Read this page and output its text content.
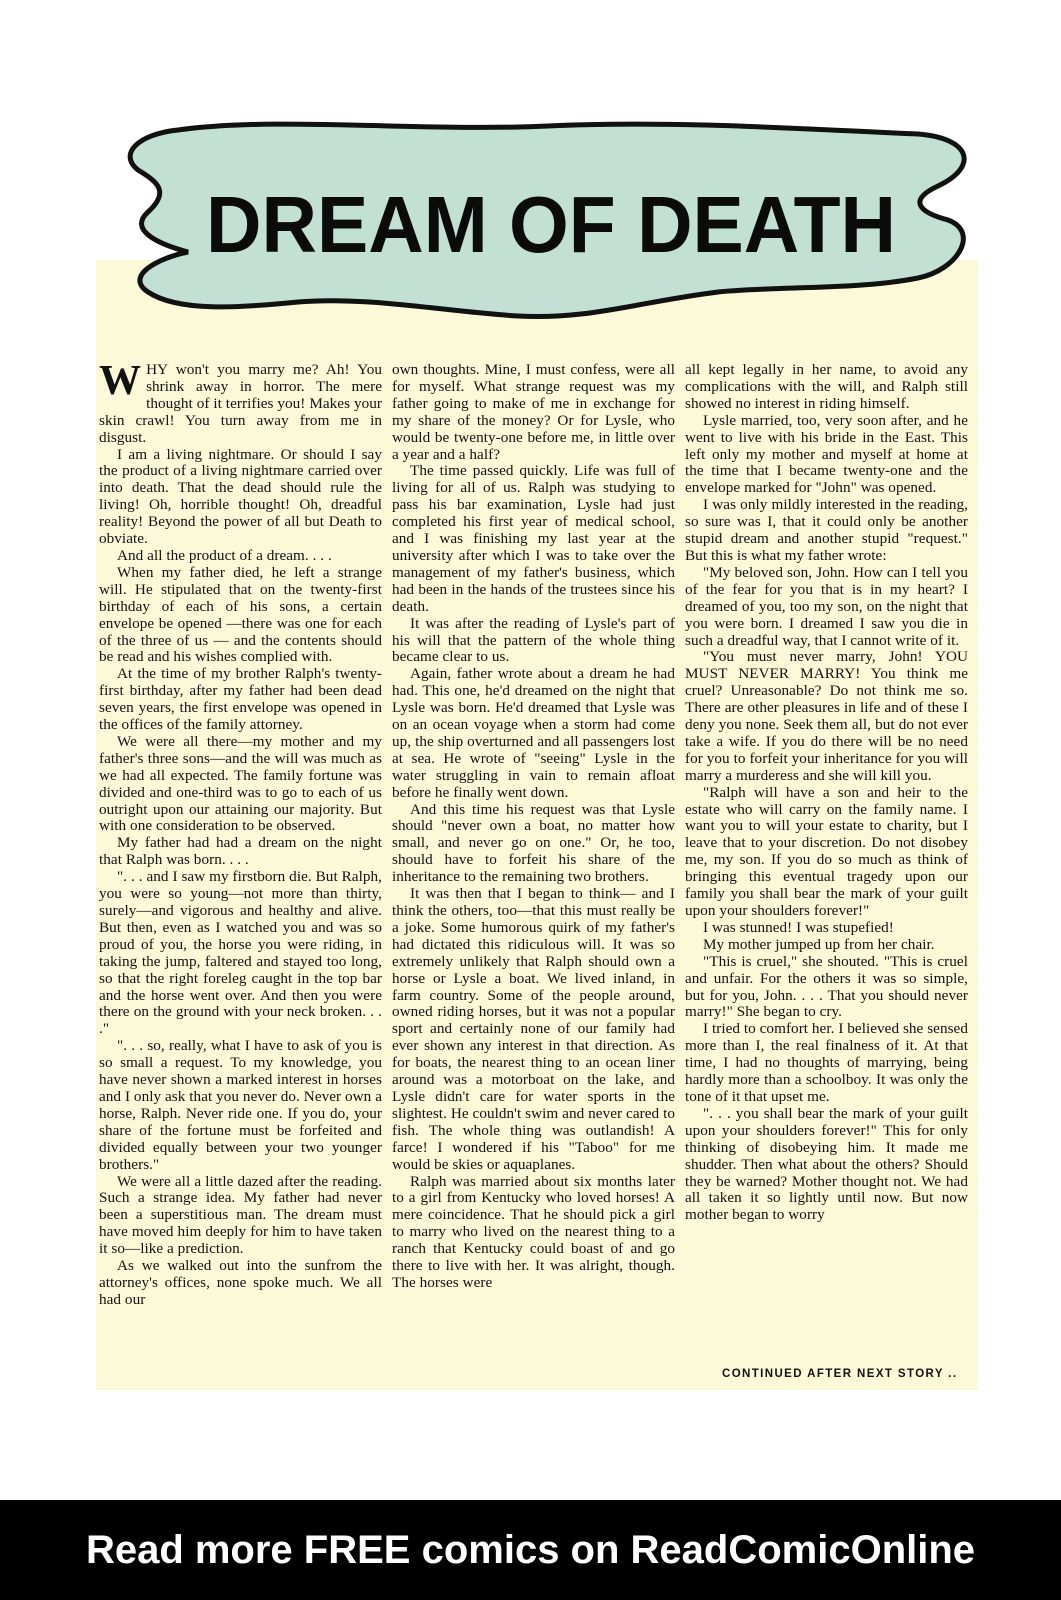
DREAM OF DEATH

WHY won't you marry me? Ah! You shrink away in horror. The mere thought of it terrifies you! Makes your skin crawl! You turn away from me in disgust.

I am a living nightmare. Or should I say the product of a living nightmare carried over into death. That the dead should rule the living! Oh, horrible thought! Oh, dreadful reality! Beyond the power of all but Death to obviate.

And all the product of a dream. . . .

When my father died, he left a strange will. He stipulated that on the twenty-first birthday of each of his sons, a certain envelope be opened —there was one for each of the three of us — and the contents should be read and his wishes complied with.

At the time of my brother Ralph's twenty-first birthday, after my father had been dead seven years, the first envelope was opened in the offices of the family attorney.

We were all there—my mother and my father's three sons—and the will was much as we had all expected. The family fortune was divided and one-third was to go to each of us outright upon our attaining our majority. But with one consideration to be observed.

My father had had a dream on the night that Ralph was born. . . .

". . . and I saw my firstborn die. But Ralph, you were so young—not more than thirty, surely—and vigorous and healthy and alive. But then, even as I watched you and was so proud of you, the horse you were riding, in taking the jump, faltered and stayed too long, so that the right foreleg caught in the top bar and the horse went over. And then you were there on the ground with your neck broken. . . ."

". . . so, really, what I have to ask of you is so small a request. To my knowledge, you have never shown a marked interest in horses and I only ask that you never do. Never own a horse, Ralph. Never ride one. If you do, your share of the fortune must be forfeited and divided equally between your two younger brothers."

We were all a little dazed after the reading. Such a strange idea. My father had never been a superstitious man. The dream must have moved him deeply for him to have taken it so—like a prediction.

As we walked out into the sunfrom the attorney's offices, none spoke much. We all had our

own thoughts. Mine, I must confess, were all for myself. What strange request was my father going to make of me in exchange for my share of the money? Or for Lysle, who would be twenty-one before me, in little over a year and a half?

The time passed quickly. Life was full of living for all of us. Ralph was studying to pass his bar examination, Lysle had just completed his first year of medical school, and I was finishing my last year at the university after which I was to take over the management of my father's business, which had been in the hands of the trustees since his death.

It was after the reading of Lysle's part of his will that the pattern of the whole thing became clear to us.

Again, father wrote about a dream he had had. This one, he'd dreamed on the night that Lysle was born. He'd dreamed that Lysle was on an ocean voyage when a storm had come up, the ship overturned and all passengers lost at sea. He wrote of "seeing" Lysle in the water struggling in vain to remain afloat before he finally went down.

And this time his request was that Lysle should "never own a boat, no matter how small, and never go on one." Or, he too, should have to forfeit his share of the inheritance to the remaining two brothers.

It was then that I began to think— and I think the others, too—that this must really be a joke. Some humorous quirk of my father's had dictated this ridiculous will. It was so extremely unlikely that Ralph should own a horse or Lysle a boat. We lived inland, in farm country. Some of the people around, owned riding horses, but it was not a popular sport and certainly none of our family had ever shown any interest in that direction. As for boats, the nearest thing to an ocean liner around was a motorboat on the lake, and Lysle didn't care for water sports in the slightest. He couldn't swim and never cared to fish. The whole thing was outlandish! A farce! I wondered if his "Taboo" for me would be skies or aquaplanes.

Ralph was married about six months later to a girl from Kentucky who loved horses! A mere coincidence. That he should pick a girl to marry who lived on the nearest thing to a ranch that Kentucky could boast of and go there to live with her. It was alright, though. The horses were

all kept legally in her name, to avoid any complications with the will, and Ralph still showed no interest in riding himself.

Lysle married, too, very soon after, and he went to live with his bride in the East. This left only my mother and myself at home at the time that I became twenty-one and the envelope marked for "John" was opened.

I was only mildly interested in the reading, so sure was I, that it could only be another stupid dream and another stupid "request." But this is what my father wrote:

"My beloved son, John. How can I tell you of the fear for you that is in my heart? I dreamed of you, too my son, on the night that you were born. I dreamed I saw you die in such a dreadful way, that I cannot write of it.

"You must never marry, John! YOU MUST NEVER MARRY! You think me cruel? Unreasonable? Do not think me so. There are other pleasures in life and of these I deny you none. Seek them all, but do not ever take a wife. If you do there will be no need for you to forfeit your inheritance for you will marry a murderess and she will kill you.

"Ralph will have a son and heir to the estate who will carry on the family name. I want you to will your estate to charity, but I leave that to your discretion. Do not disobey me, my son. If you do so much as think of bringing this eventual tragedy upon our family you shall bear the mark of your guilt upon your shoulders forever!"

I was stunned! I was stupefied!

My mother jumped up from her chair.

"This is cruel," she shouted. "This is cruel and unfair. For the others it was so simple, but for you, John. . . . That you should never marry!" She began to cry.

I tried to comfort her. I believed she sensed more than I, the real finalness of it. At that time, I had no thoughts of marrying, being hardly more than a schoolboy. It was only the tone of it that upset me.

". . . you shall bear the mark of your guilt upon your shoulders forever!" This for only thinking of disobeying him. It made me shudder. Then what about the others? Should they be warned? Mother thought not. We had all taken it so lightly until now. But now mother began to worry

CONTINUED AFTER NEXT STORY ..
Read more FREE comics on ReadComicOnline
